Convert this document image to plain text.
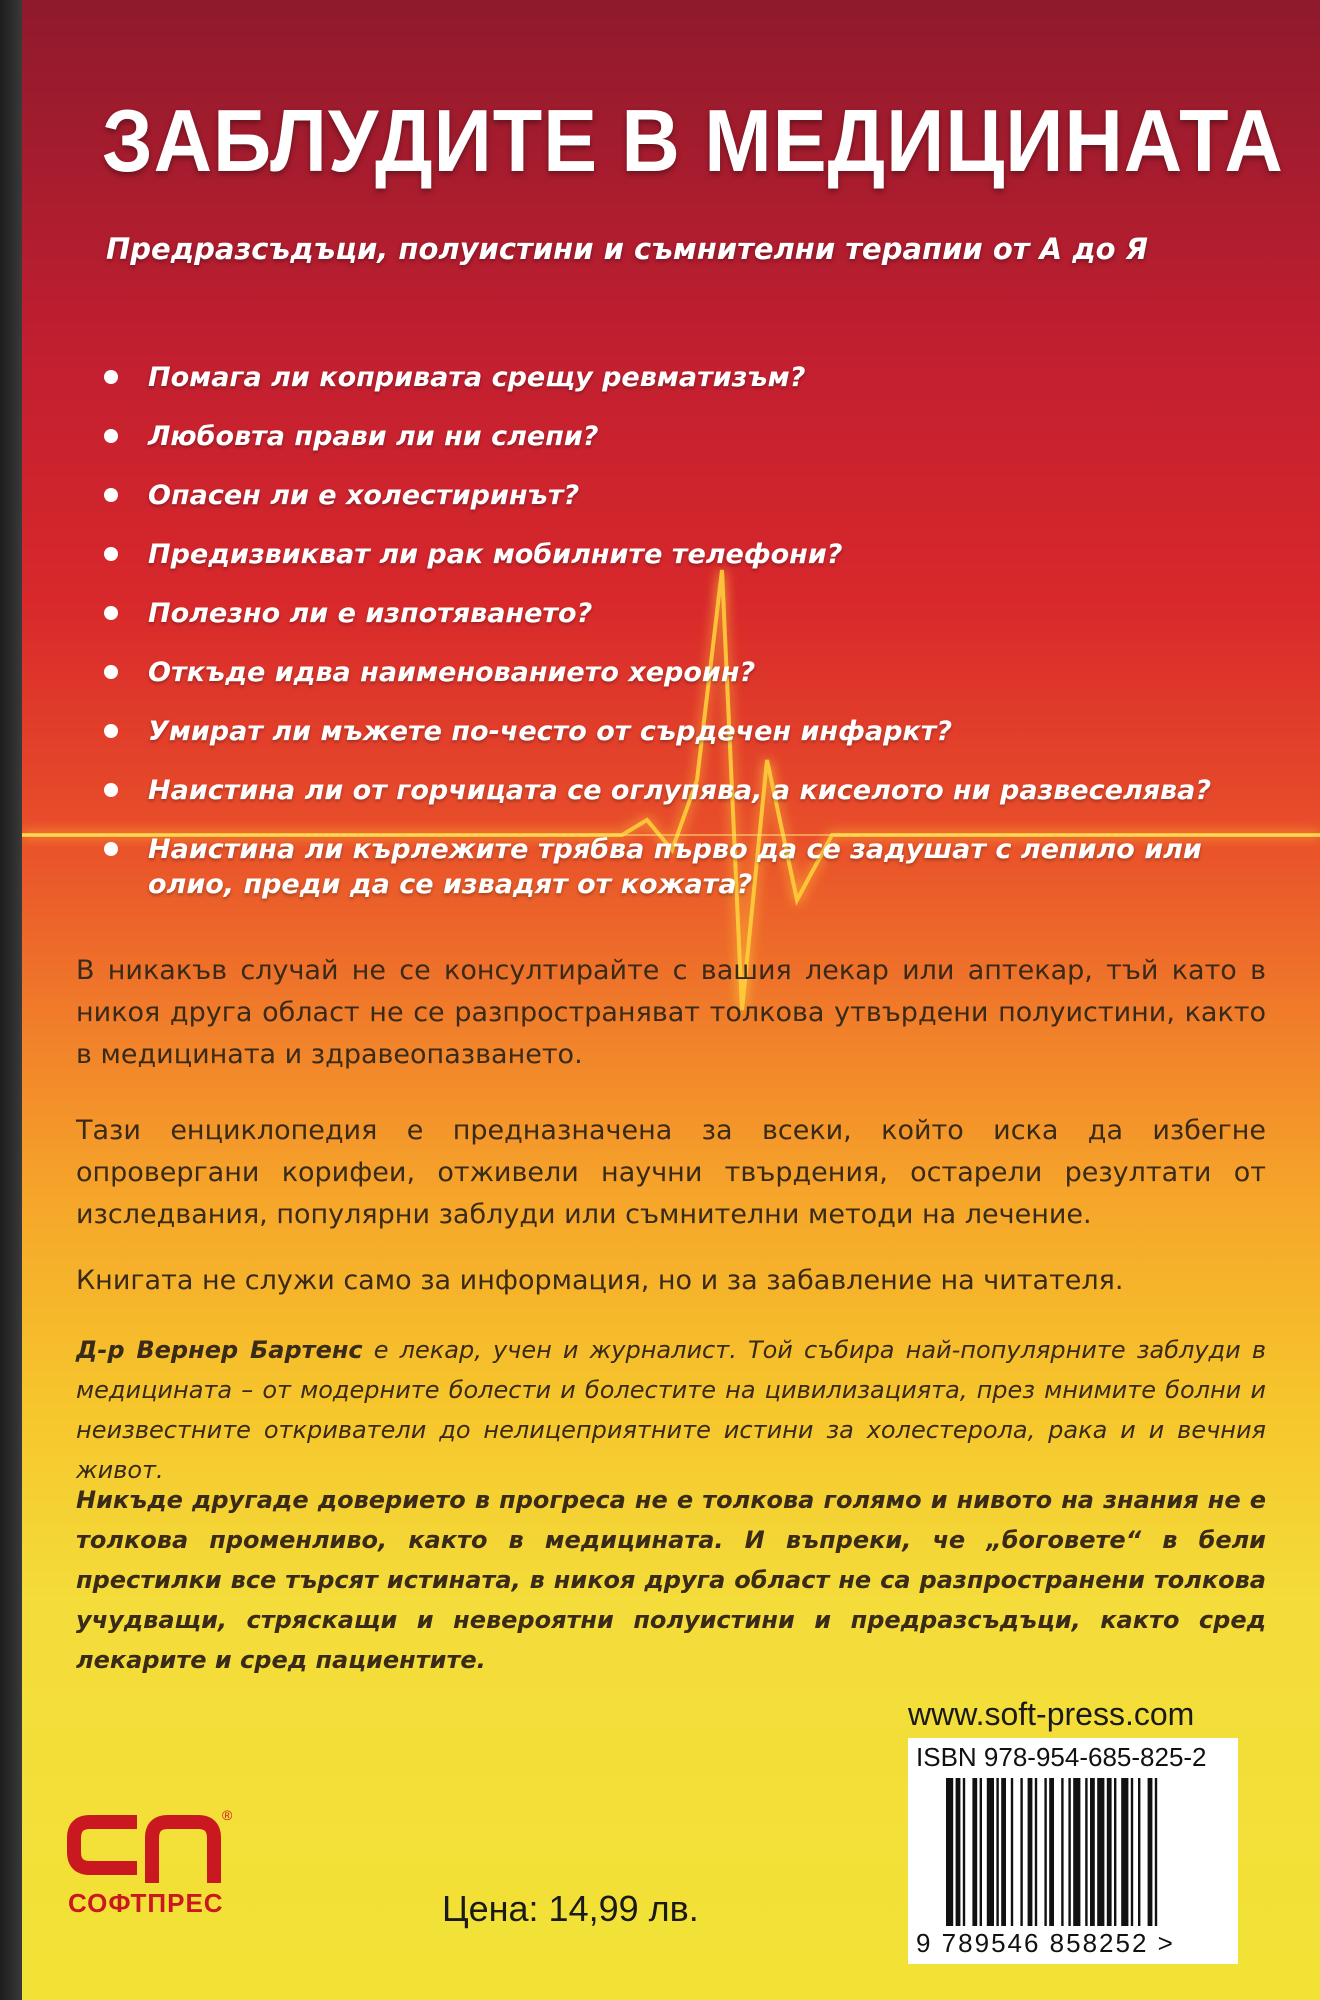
ЗАБЛУДИТЕ В МЕДИЦИНАТА
Предразсъдъци, полуистини и съмнителни терапии от А до Я
Помага ли копривата срещу ревматизъм?
Любовта прави ли ни слепи?
Опасен ли е холестиринът?
Предизвикват ли рак мобилните телефони?
Полезно ли е изпотяването?
Откъде идва наименованието хероин?
Умират ли мъжете по-често от сърдечен инфаркт?
Наистина ли от горчицата се оглупява, а киселото ни развеселява?
Наистина ли кърлежите трябва първо да се задушат с лепило или олио, преди да се извадят от кожата?

В никакъв случай не се консултирайте с вашия лекар или аптекар, тъй като в никоя друга област не се разпространяват толкова утвърдени полуистини, както в медицината и здравеопазването.

Тази енциклопедия е предназначена за всеки, който иска да избегне опровергани корифеи, отживели научни твърдения, остарели резултати от изследвания, популярни заблуди или съмнителни методи на лечение.

Книгата не служи само за информация, но и за забавление на читателя.

Д-р Вернер Бартенс е лекар, учен и журналист. Той събира най-популярните заблуди в медицината – от модерните болести и болестите на цивилизацията, през мнимите болни и неизвестните откриватели до нелицеприятните истини за холестерола, рака и и вечния живот.

Никъде другаде доверието в прогреса не е толкова голямо и нивото на знания не е толкова променливо, както в медицината. И въпреки, че „боговете“ в бели престилки все търсят истината, в никоя друга област не са разпространени толкова учудващи, стряскащи и невероятни полуистини и предразсъдъци, както сред лекарите и сред пациентите.

www.soft-press.com
ISBN 978-954-685-825-2
9 789546 858252 >
®
СОФТПРЕС	Цена: 14,99 лв.
